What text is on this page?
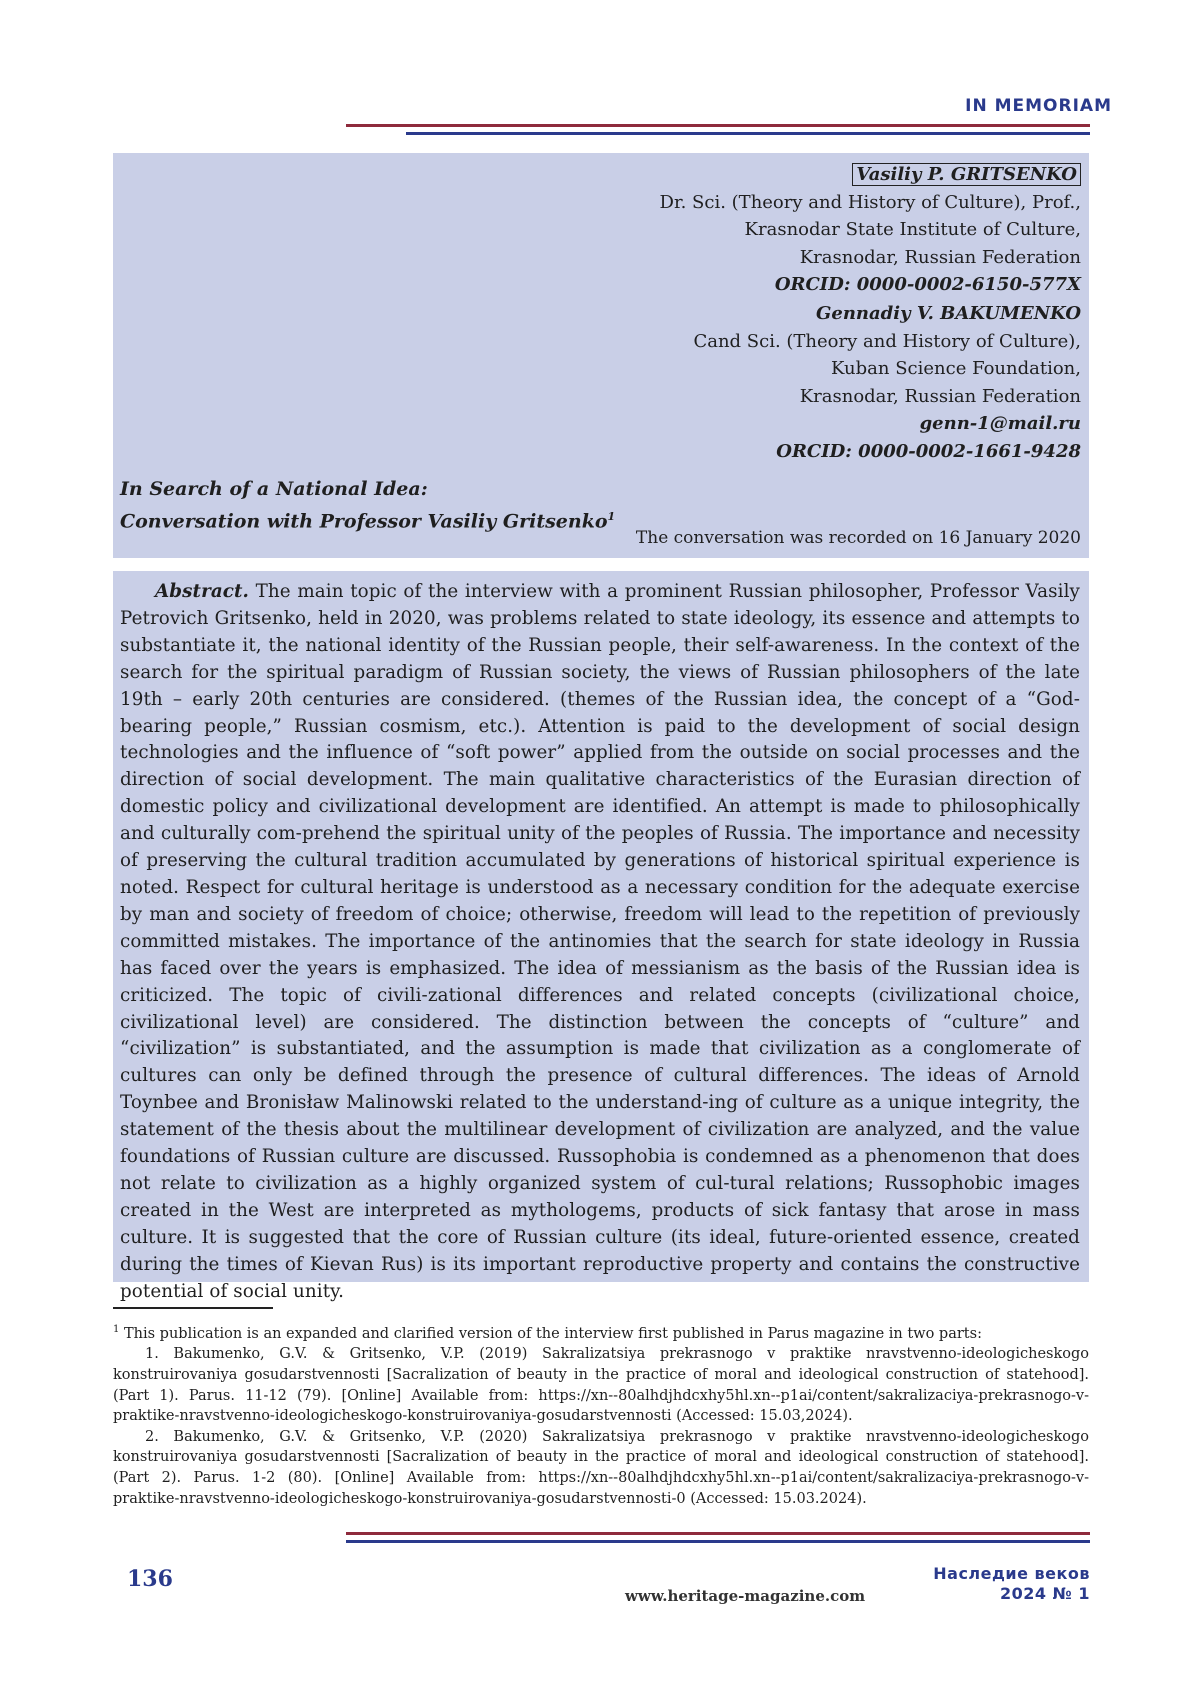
IN MEMORIAM
Vasiliy P. GRITSENKO
Dr. Sci. (Theory and History of Culture), Prof.,
Krasnodar State Institute of Culture,
Krasnodar, Russian Federation
ORCID: 0000-0002-6150-577X
Gennadiy V. BAKUMENKO
Cand Sci. (Theory and History of Culture),
Kuban Science Foundation,
Krasnodar, Russian Federation
genn-1@mail.ru
ORCID: 0000-0002-1661-9428
In Search of a National Idea:
Conversation with Professor Vasiliy Gritsenko$^1$
The conversation was recorded on 16 January 2020
Abstract. The main topic of the interview with a prominent Russian philosopher, Professor Vasily Petrovich Gritsenko, held in 2020, was problems related to state ideology, its essence and attempts to substantiate it, the national identity of the Russian people, their self-awareness. In the context of the search for the spiritual paradigm of Russian society, the views of Russian philosophers of the late 19th – early 20th centuries are considered. (themes of the Russian idea, the concept of a “God-bearing people,” Russian cosmism, etc.). Attention is paid to the development of social design technologies and the influence of “soft power” applied from the outside on social processes and the direction of social development. The main qualitative characteristics of the Eurasian direction of domestic policy and civilizational development are identified. An attempt is made to philosophically and culturally com-prehend the spiritual unity of the peoples of Russia. The importance and necessity of preserving the cultural tradition accumulated by generations of historical spiritual experience is noted. Respect for cultural heritage is understood as a necessary condition for the adequate exercise by man and society of freedom of choice; otherwise, freedom will lead to the repetition of previously committed mistakes. The importance of the antinomies that the search for state ideology in Russia has faced over the years is emphasized. The idea of messianism as the basis of the Russian idea is criticized. The topic of civili-zational differences and related concepts (civilizational choice, civilizational level) are considered. The distinction between the concepts of “culture” and “civilization” is substantiated, and the assumption is made that civilization as a conglomerate of cultures can only be defined through the presence of cultural differences. The ideas of Arnold Toynbee and Bronisław Malinowski related to the understand-ing of culture as a unique integrity, the statement of the thesis about the multilinear development of civilization are analyzed, and the value foundations of Russian culture are discussed. Russophobia is condemned as a phenomenon that does not relate to civilization as a highly organized system of cul-tural relations; Russophobic images created in the West are interpreted as mythologems, products of sick fantasy that arose in mass culture. It is suggested that the core of Russian culture (its ideal, future-oriented essence, created during the times of Kievan Rus) is its important reproductive property and contains the constructive potential of social unity.

$^1$ This publication is an expanded and clarified version of the interview first published in Parus magazine in two parts:

1. Bakumenko, G.V. & Gritsenko, V.P. (2019) Sakralizatsiya prekrasnogo v praktike nravstvenno-ideologicheskogo konstruirovaniya gosudarstvennosti [Sacralization of beauty in the practice of moral and ideological construction of statehood]. (Part 1). Parus. 11-12 (79). [Online] Available from: https://xn--80alhdjhdcxhy5hl.xn--p1ai/content/sakralizaciya-prekrasnogo-v-praktike-nravstvenno-ideologicheskogo-konstruirovaniya-gosudarstvennosti (Accessed: 15.03,2024).

2. Bakumenko, G.V. & Gritsenko, V.P. (2020) Sakralizatsiya prekrasnogo v praktike nravstvenno-ideologicheskogo konstruirovaniya gosudarstvennosti [Sacralization of beauty in the practice of moral and ideological construction of statehood]. (Part 2). Parus. 1-2 (80). [Online] Available from: https://xn--80alhdjhdcxhy5hl.xn--p1ai/content/sakralizaciya-prekrasnogo-v-praktike-nravstvenno-ideologicheskogo-konstruirovaniya-gosudarstvennosti-0 (Accessed: 15.03.2024).

136
www.heritage-magazine.com
Наследие веков
2024 № 1
